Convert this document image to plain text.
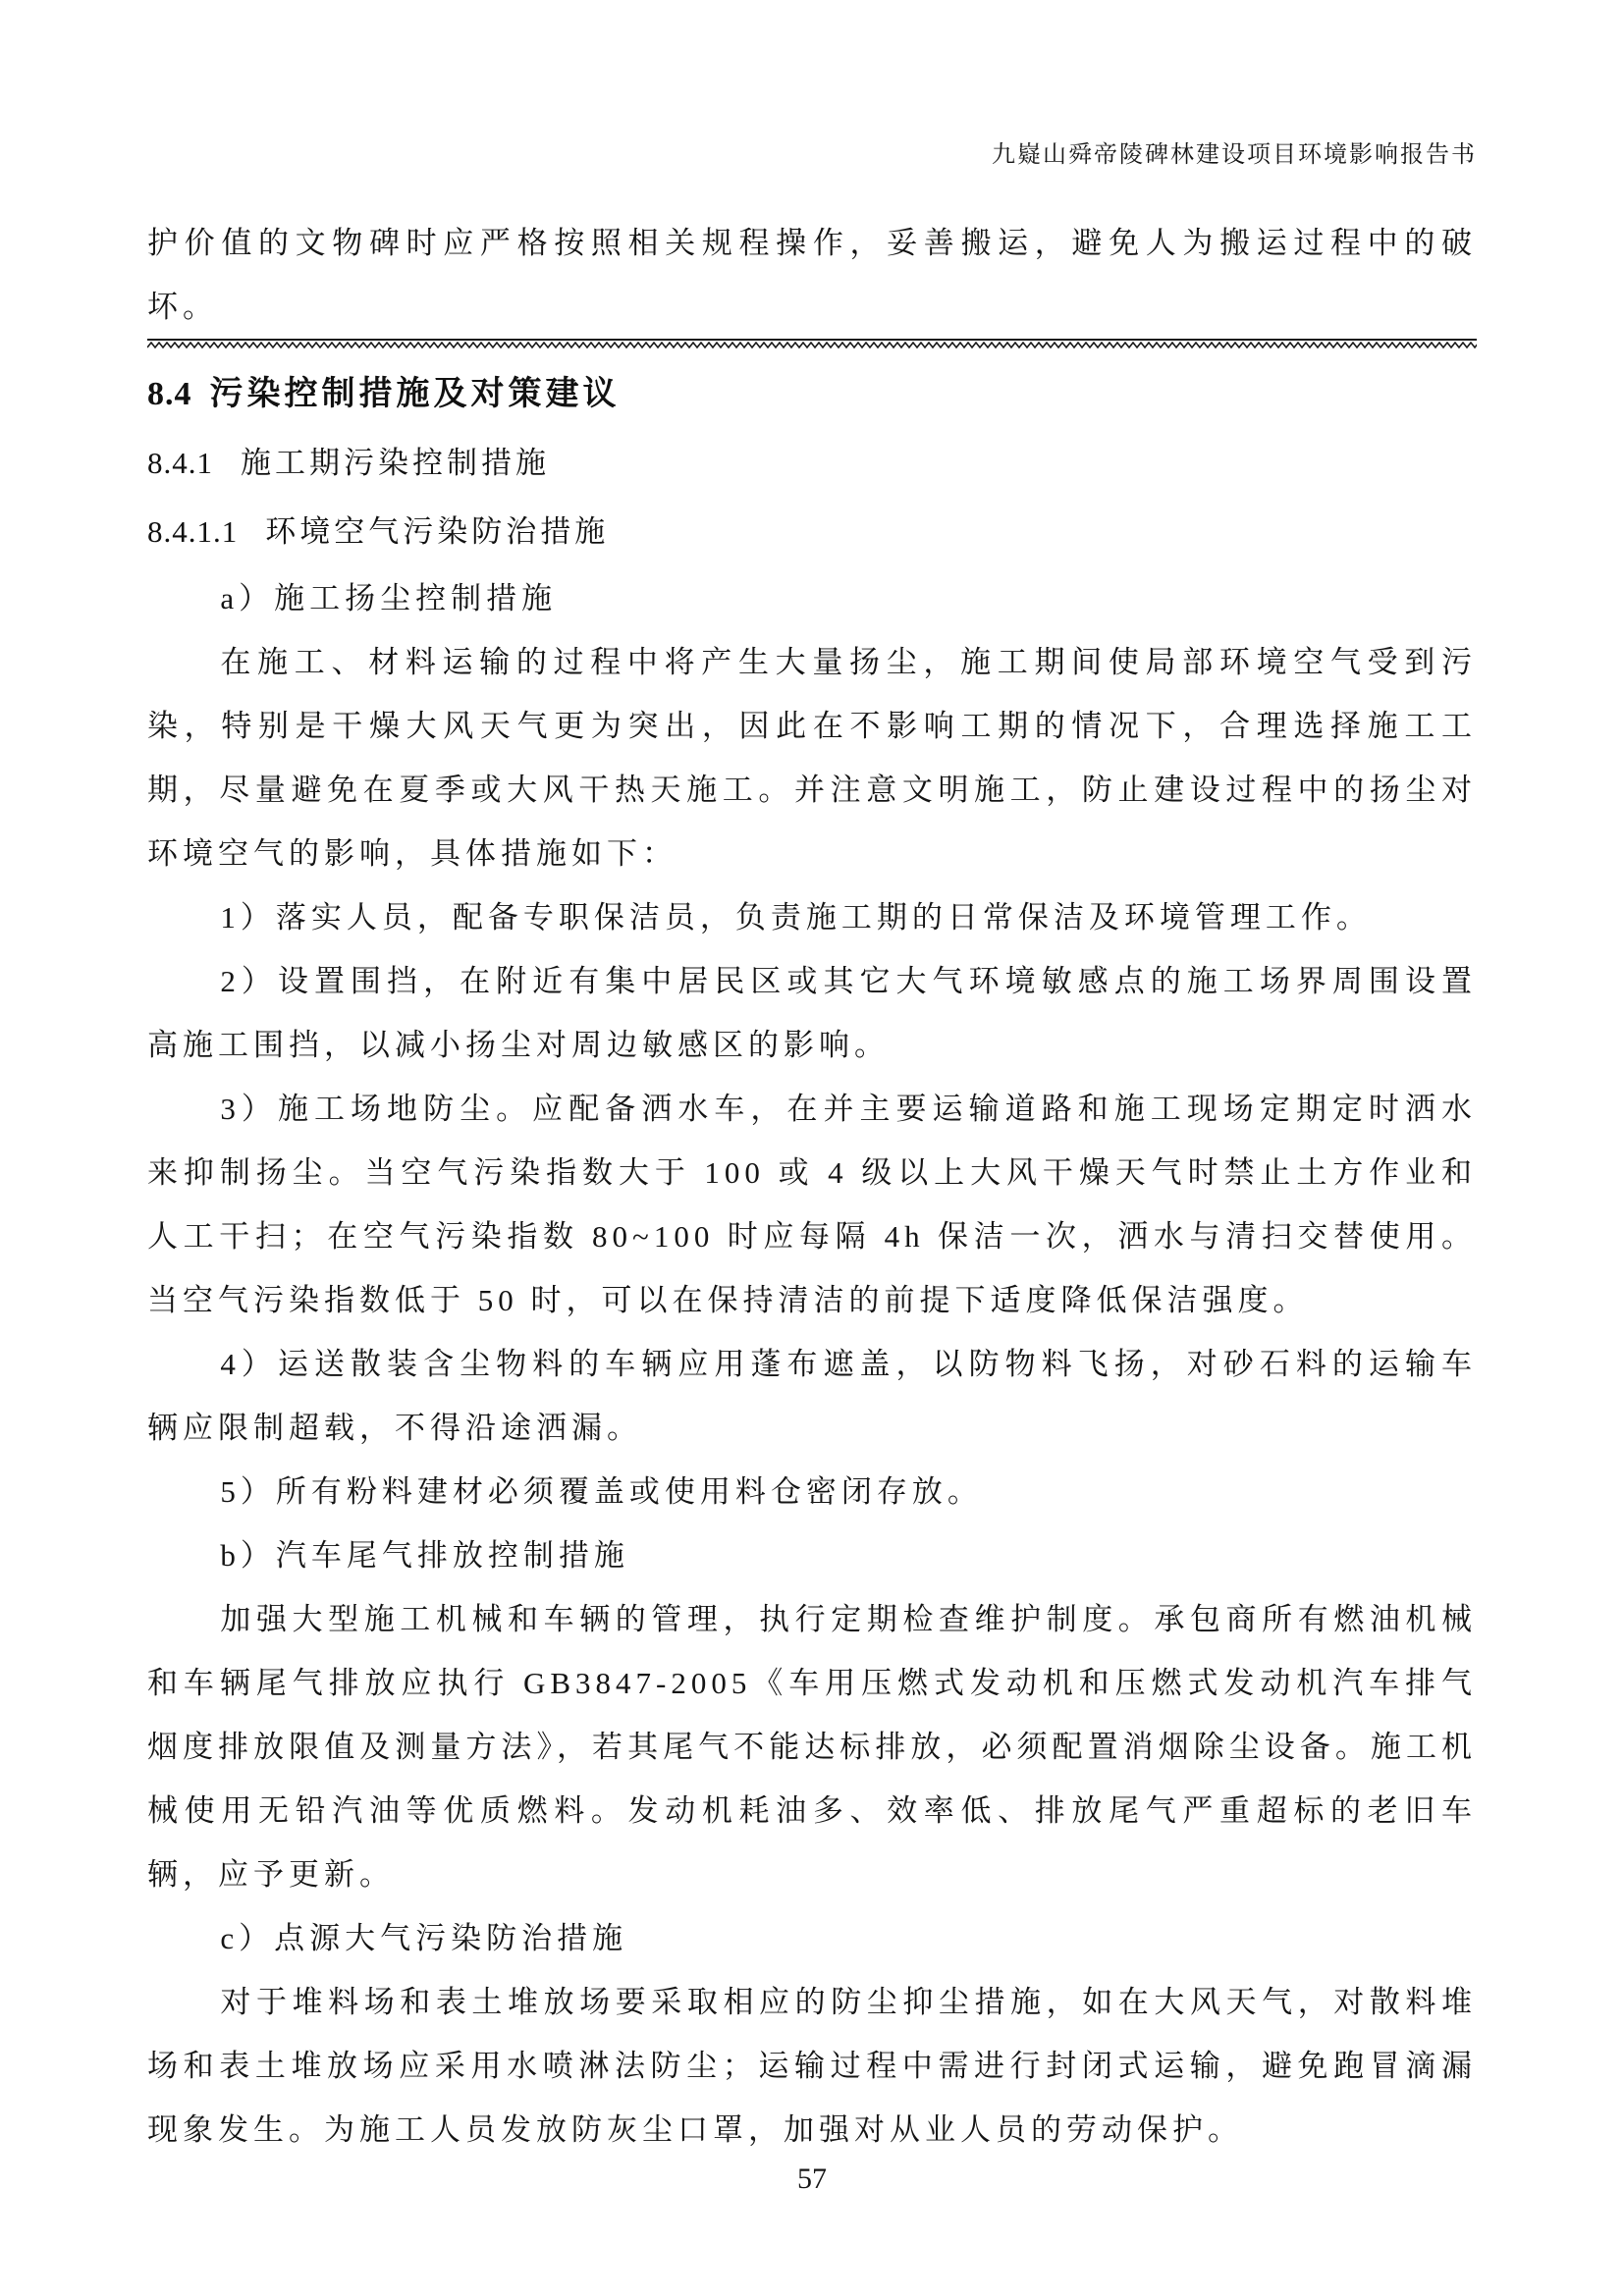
九嶷山舜帝陵碑林建设项目环境影响报告书

护价值的文物碑时应严格按照相关规程操作，妥善搬运，避免人为搬运过程中的破坏。

8.4 污染控制措施及对策建议
8.4.1 施工期污染控制措施
8.4.1.1 环境空气污染防治措施

a）施工扬尘控制措施

在施工、材料运输的过程中将产生大量扬尘，施工期间使局部环境空气受到污染，特别是干燥大风天气更为突出，因此在不影响工期的情况下，合理选择施工工期，尽量避免在夏季或大风干热天施工。并注意文明施工，防止建设过程中的扬尘对环境空气的影响，具体措施如下：

1）落实人员，配备专职保洁员，负责施工期的日常保洁及环境管理工作。

2）设置围挡，在附近有集中居民区或其它大气环境敏感点的施工场界周围设置高施工围挡，以减小扬尘对周边敏感区的影响。

3）施工场地防尘。应配备洒水车，在并主要运输道路和施工现场定期定时洒水来抑制扬尘。当空气污染指数大于 100 或 4 级以上大风干燥天气时禁止土方作业和人工干扫；在空气污染指数 80~100 时应每隔 4h 保洁一次，洒水与清扫交替使用。当空气污染指数低于 50 时，可以在保持清洁的前提下适度降低保洁强度。

4）运送散装含尘物料的车辆应用蓬布遮盖，以防物料飞扬，对砂石料的运输车辆应限制超载，不得沿途洒漏。

5）所有粉料建材必须覆盖或使用料仓密闭存放。

b）汽车尾气排放控制措施

加强大型施工机械和车辆的管理，执行定期检查维护制度。承包商所有燃油机械和车辆尾气排放应执行 GB3847-2005《车用压燃式发动机和压燃式发动机汽车排气烟度排放限值及测量方法》，若其尾气不能达标排放，必须配置消烟除尘设备。施工机械使用无铅汽油等优质燃料。发动机耗油多、效率低、排放尾气严重超标的老旧车辆，应予更新。

c）点源大气污染防治措施

对于堆料场和表土堆放场要采取相应的防尘抑尘措施，如在大风天气，对散料堆场和表土堆放场应采用水喷淋法防尘；运输过程中需进行封闭式运输，避免跑冒滴漏现象发生。为施工人员发放防灰尘口罩，加强对从业人员的劳动保护。

57
